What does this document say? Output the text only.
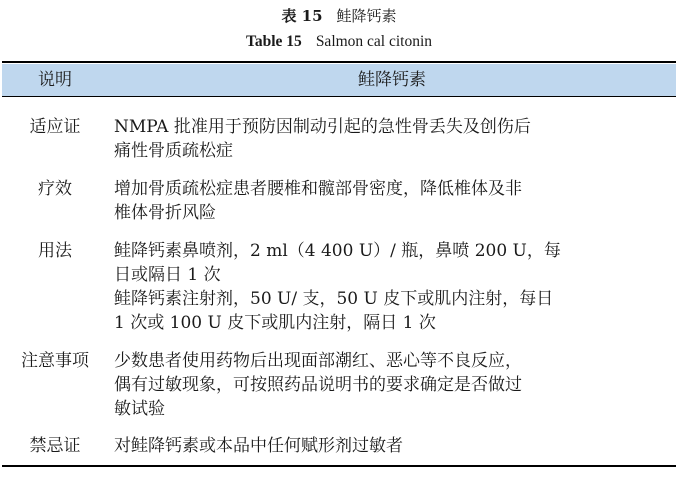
表 15 鲑降钙素
Table 15 Salmon cal citonin
说明	鲑降钙素
适应证	NMPA 批准用于预防因制动引起的急性骨丢失及创伤后
痛性骨质疏松症
疗效	增加骨质疏松症患者腰椎和髋部骨密度，降低椎体及非
椎体骨折风险
用法	鲑降钙素鼻喷剂，2 ml（4 400 U）/ 瓶，鼻喷 200 U，每
日或隔日 1 次
鲑降钙素注射剂，50 U/ 支，50 U 皮下或肌内注射，每日
1 次或 100 U 皮下或肌内注射，隔日 1 次
注意事项	少数患者使用药物后出现面部潮红、恶心等不良反应，
偶有过敏现象，可按照药品说明书的要求确定是否做过
敏试验
禁忌证	对鲑降钙素或本品中任何赋形剂过敏者
